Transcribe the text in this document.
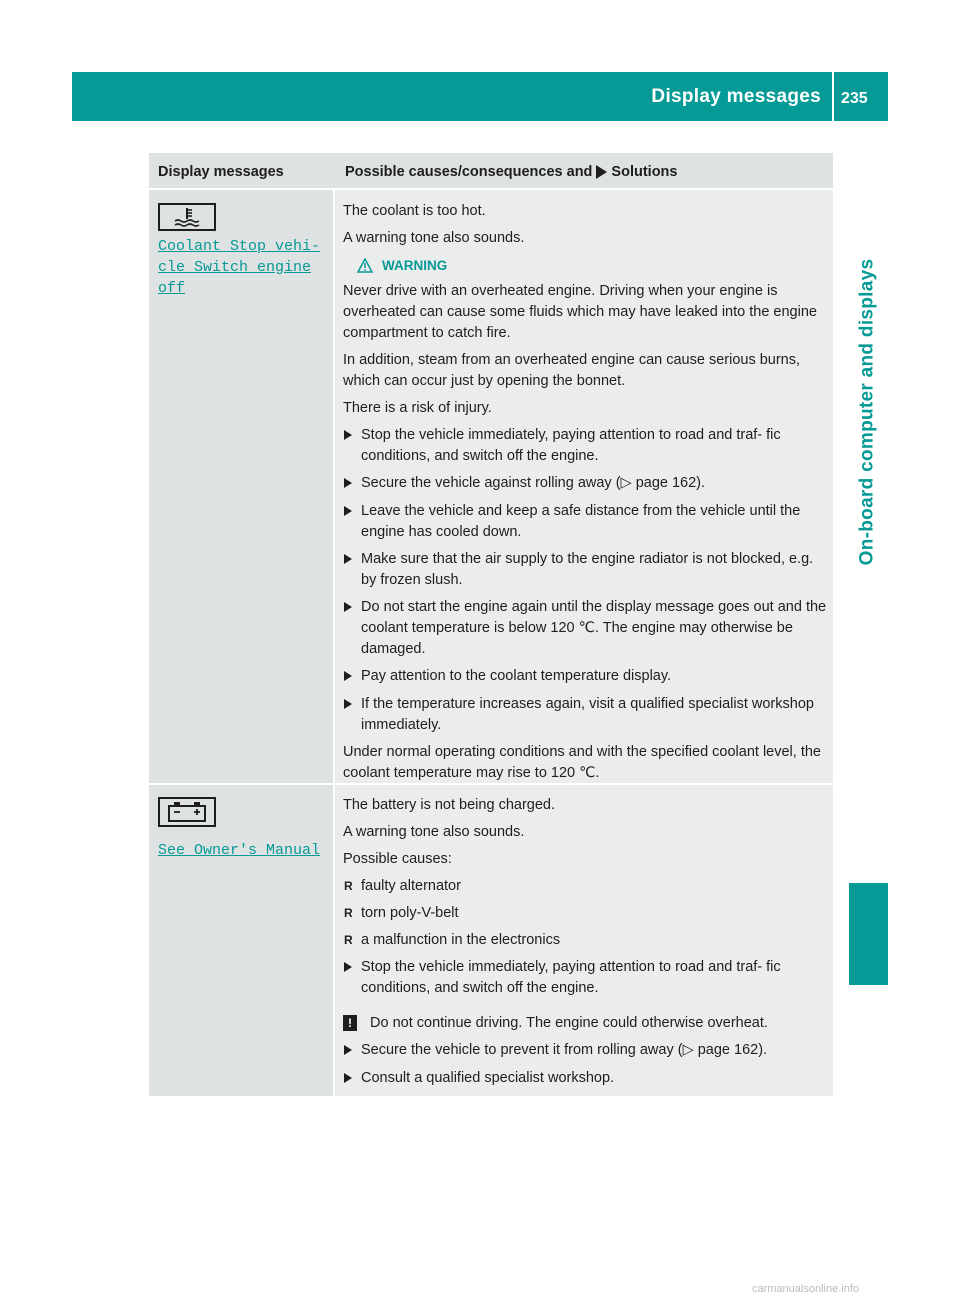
Display messages 235
On-board computer and displays
Display messages	Possible causes/consequences and Solutions
Coolant Stop vehi‐
cle Switch engine
off

The coolant is too hot.

A warning tone also sounds.

WARNING

Never drive with an overheated engine. Driving when your engine is overheated can cause some fluids which may have leaked into the engine compartment to catch fire.

In addition, steam from an overheated engine can cause serious burns, which can occur just by opening the bonnet.

There is a risk of injury.

Stop the vehicle immediately, paying attention to road and traf- fic conditions, and switch off the engine.
Secure the vehicle against rolling away (▷ page 162).
Leave the vehicle and keep a safe distance from the vehicle until the engine has cooled down.
Make sure that the air supply to the engine radiator is not blocked, e.g. by frozen slush.
Do not start the engine again until the display message goes out and the coolant temperature is below 120 ℃. The engine may otherwise be damaged.
Pay attention to the coolant temperature display.
If the temperature increases again, visit a qualified specialist workshop immediately.

Under normal operating conditions and with the specified coolant level, the coolant temperature may rise to 120 ℃.

See Owner's Manual

The battery is not being charged.

A warning tone also sounds.

Possible causes:

R faulty alternator
R torn poly-V-belt
R a malfunction in the electronics
Stop the vehicle immediately, paying attention to road and traf- fic conditions, and switch off the engine.
!	Do not continue driving. The engine could otherwise overheat.
Secure the vehicle to prevent it from rolling away (▷ page 162).
Consult a qualified specialist workshop.
carmanualsonline.info
